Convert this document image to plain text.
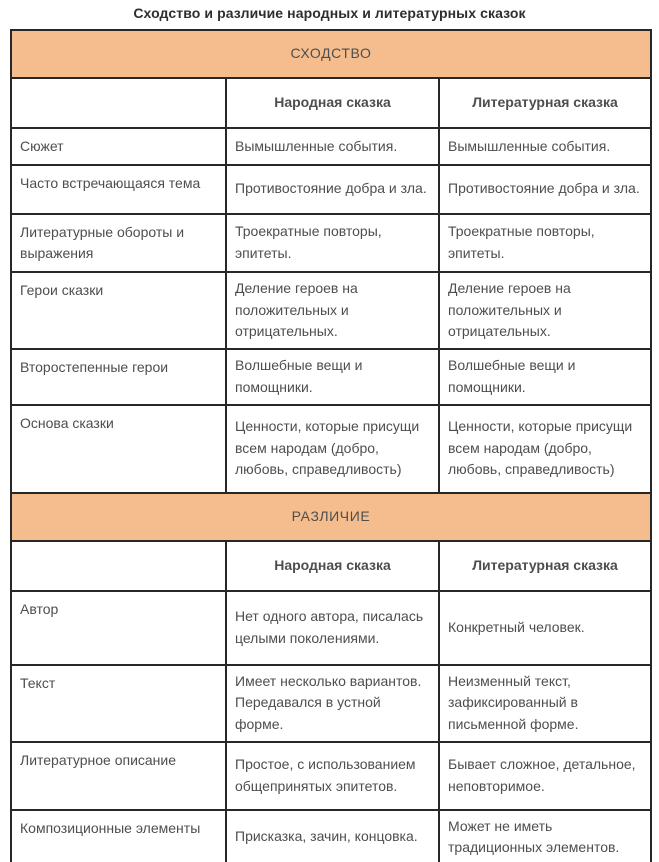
Сходство и различие народных и литературных сказок
СХОДСТВО		
	Народная сказка	Литературная сказка
Сюжет	Вымышленные события.	Вымышленные события.
Часто встречающаяся тема	Противостояние добра и зла.	Противостояние добра и зла.
Литературные обороты и выражения	Троекратные повторы, эпитеты.	Троекратные повторы, эпитеты.
Герои сказки	Деление героев на положительных и отрицательных.	Деление героев на положительных и отрицательных.
Второстепенные герои	Волшебные вещи и помощники.	Волшебные вещи и помощники.
Основа сказки	Ценности, которые присущи всем народам (добро, любовь, справедливость)	Ценности, которые присущи всем народам (добро, любовь, справедливость)
РАЗЛИЧИЕ		
	Народная сказка	Литературная сказка
Автор	Нет одного автора, писалась целыми поколениями.	Конкретный человек.
Текст	Имеет несколько вариантов. Передавался в устной форме.	Неизменный текст, зафиксированный в письменной форме.
Литературное описание	Простое, с использованием общепринятых эпитетов.	Бывает сложное, детальное, неповторимое.
Композиционные элементы	Присказка, зачин, концовка.	Может не иметь традиционных элементов.
